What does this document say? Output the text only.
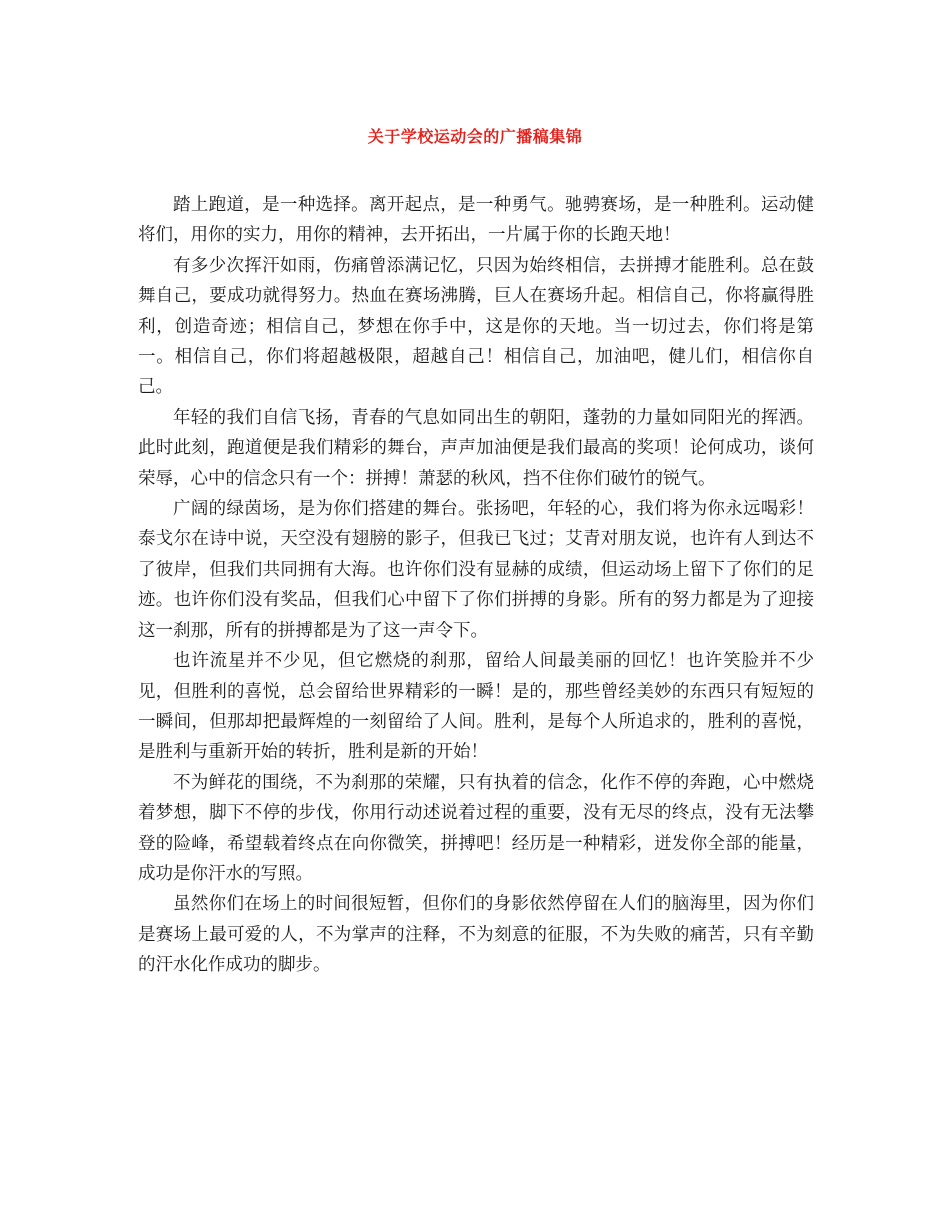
关于学校运动会的广播稿集锦

踏上跑道，是一种选择。离开起点，是一种勇气。驰骋赛场，是一种胜利。运动健将们，用你的实力，用你的精神，去开拓出，一片属于你的长跑天地！

有多少次挥汗如雨，伤痛曾添满记忆，只因为始终相信，去拼搏才能胜利。总在鼓舞自己，要成功就得努力。热血在赛场沸腾，巨人在赛场升起。相信自己，你将赢得胜利，创造奇迹；相信自己，梦想在你手中，这是你的天地。当一切过去，你们将是第一。相信自己，你们将超越极限，超越自己！相信自己，加油吧，健儿们，相信你自己。

年轻的我们自信飞扬，青春的气息如同出生的朝阳，蓬勃的力量如同阳光的挥洒。此时此刻，跑道便是我们精彩的舞台，声声加油便是我们最高的奖项！论何成功，谈何荣辱，心中的信念只有一个：拼搏！萧瑟的秋风，挡不住你们破竹的锐气。

广阔的绿茵场，是为你们搭建的舞台。张扬吧，年轻的心，我们将为你永远喝彩！泰戈尔在诗中说，天空没有翅膀的影子，但我已飞过；艾青对朋友说，也许有人到达不了彼岸，但我们共同拥有大海。也许你们没有显赫的成绩，但运动场上留下了你们的足迹。也许你们没有奖品，但我们心中留下了你们拼搏的身影。所有的努力都是为了迎接这一刹那，所有的拼搏都是为了这一声令下。

也许流星并不少见，但它燃烧的刹那，留给人间最美丽的回忆！也许笑脸并不少见，但胜利的喜悦，总会留给世界精彩的一瞬！是的，那些曾经美妙的东西只有短短的一瞬间，但那却把最辉煌的一刻留给了人间。胜利，是每个人所追求的，胜利的喜悦，是胜利与重新开始的转折，胜利是新的开始！

不为鲜花的围绕，不为刹那的荣耀，只有执着的信念，化作不停的奔跑，心中燃烧着梦想，脚下不停的步伐，你用行动述说着过程的重要，没有无尽的终点，没有无法攀登的险峰，希望载着终点在向你微笑，拼搏吧！经历是一种精彩，迸发你全部的能量，成功是你汗水的写照。

虽然你们在场上的时间很短暂，但你们的身影依然停留在人们的脑海里，因为你们是赛场上最可爱的人，不为掌声的注释，不为刻意的征服，不为失败的痛苦，只有辛勤的汗水化作成功的脚步。
